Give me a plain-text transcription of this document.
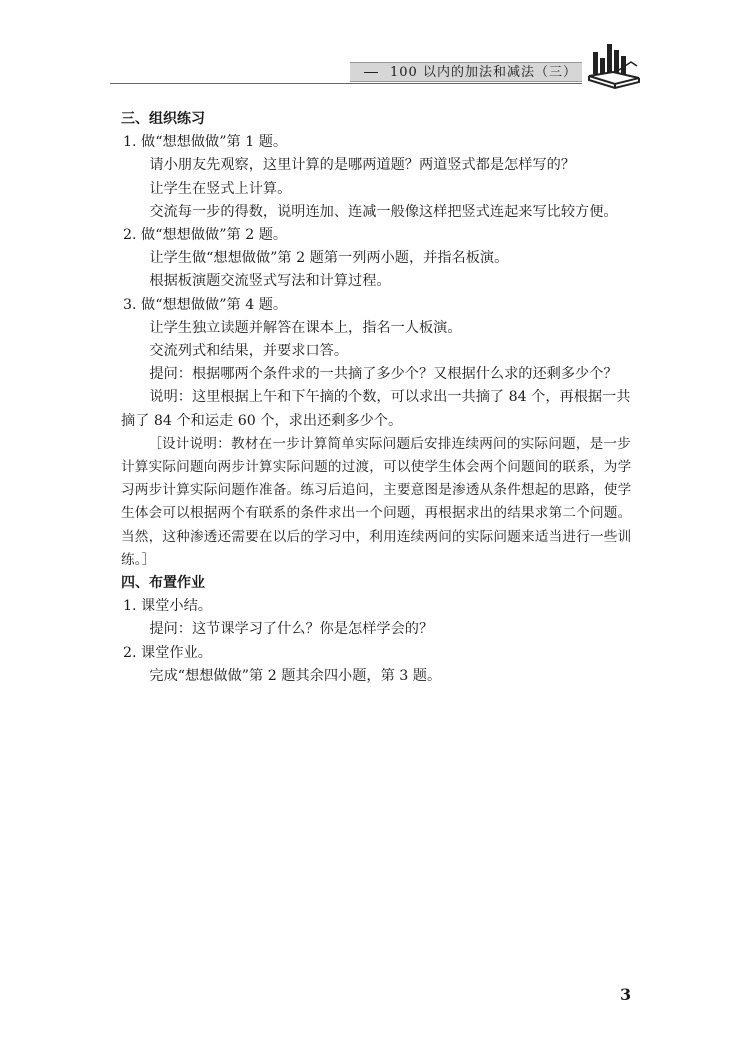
100 以内的加法和减法（三）

三、组织练习

1. 做“想想做做”第 1 题。

请小朋友先观察，这里计算的是哪两道题？两道竖式都是怎样写的？

让学生在竖式上计算。

交流每一步的得数，说明连加、连减一般像这样把竖式连起来写比较方便。

2. 做“想想做做”第 2 题。

让学生做“想想做做”第 2 题第一列两小题，并指名板演。

根据板演题交流竖式写法和计算过程。

3. 做“想想做做”第 4 题。

让学生独立读题并解答在课本上，指名一人板演。

交流列式和结果，并要求口答。

提问：根据哪两个条件求的一共摘了多少个？又根据什么求的还剩多少个？

说明：这里根据上午和下午摘的个数，可以求出一共摘了 84 个，再根据一共摘了 84 个和运走 60 个，求出还剩多少个。

［设计说明：教材在一步计算简单实际问题后安排连续两问的实际问题，是一步计算实际问题向两步计算实际问题的过渡，可以使学生体会两个问题间的联系，为学习两步计算实际问题作准备。练习后追问，主要意图是渗透从条件想起的思路，使学生体会可以根据两个有联系的条件求出一个问题，再根据求出的结果求第二个问题。当然，这种渗透还需要在以后的学习中，利用连续两问的实际问题来适当进行一些训练。］

四、布置作业

1. 课堂小结。

提问：这节课学习了什么？你是怎样学会的？

2. 课堂作业。

完成“想想做做”第 2 题其余四小题，第 3 题。

3
